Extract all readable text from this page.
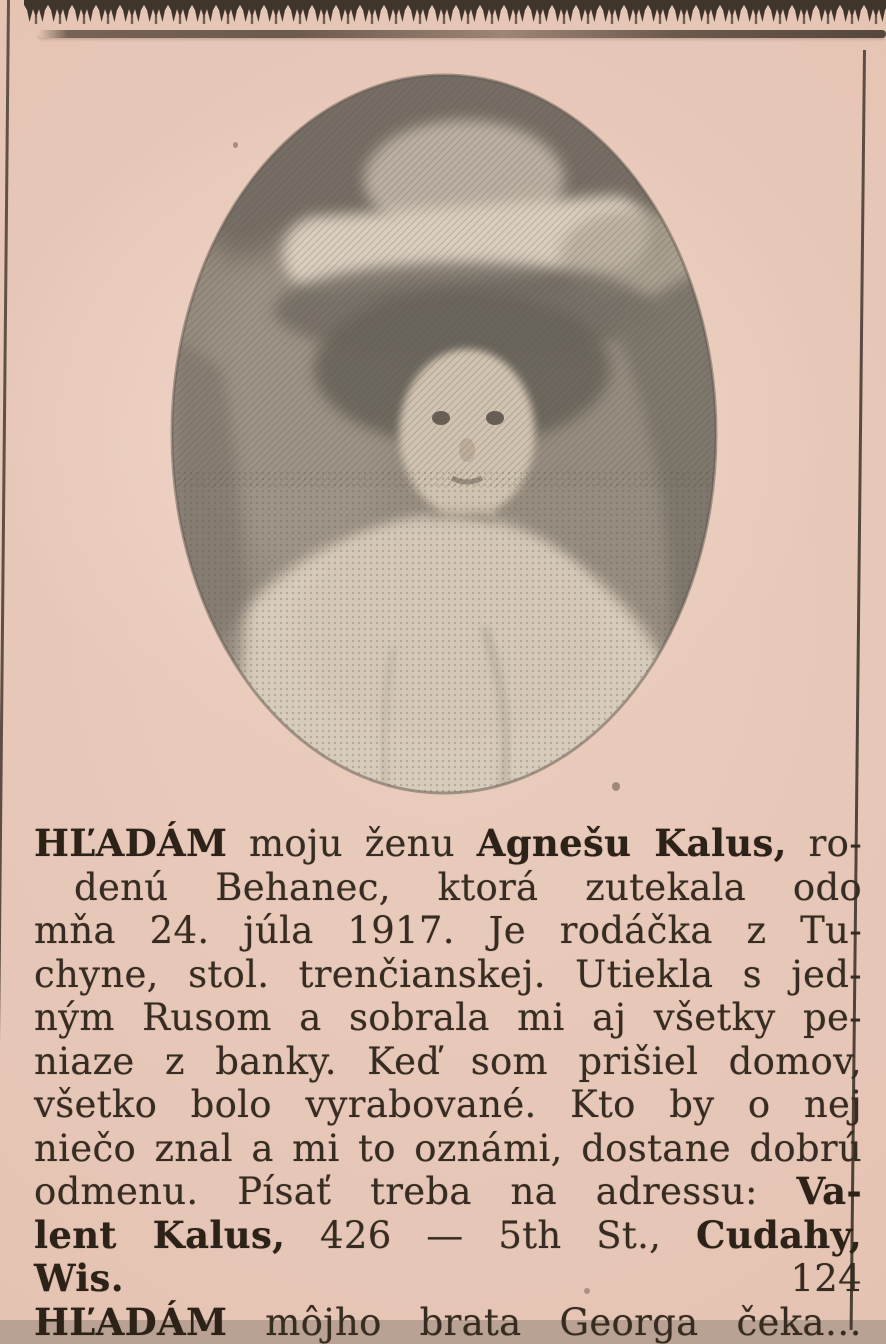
HĽADÁM moju ženu Agnešu Kalus, ro-
denú Behanec, ktorá zutekala odo
mňa 24. júla 1917. Je rodáčka z Tu-
chyne, stol. trenčianskej. Utiekla s jed-
ným Rusom a sobrala mi aj všetky pe-
niaze z banky. Keď som prišiel domov,
všetko bolo vyrabované. Kto by o nej
niečo znal a mi to oznámi, dostane dobrú
odmenu. Písať treba na adressu: Va-
lent Kalus, 426 — 5th St., Cudahy,
Wis.	124
HĽADÁM môjho brata Georga čeka…
